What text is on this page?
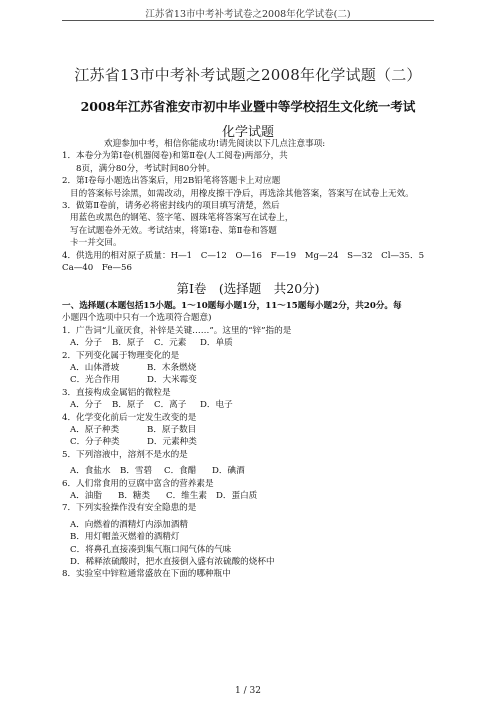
江苏省13市中考补考试卷之2008年化学试卷(二)
江苏省13市中考补考试题之2008年化学试题（二）
2008年江苏省淮安市初中毕业暨中等学校招生文化统一考试
化学试题

欢迎参加中考，相信你能成功!请先阅读以下几点注意事项:

1．本卷分为第Ⅰ卷(机器阅卷)和第Ⅱ卷(人工阅卷)两部分，共

8页，满分80分，考试时间80分钟。

2．第Ⅰ卷每小题选出答案后，用2B铅笔将答题卡上对应题

目的答案标号涂黑，如需改动，用橡皮擦干净后，再选涂其他答案，答案写在试卷上无效。

3．做第Ⅱ卷前，请务必将密封线内的项目填写清楚，然后

用蓝色或黑色的钢笔、签字笔、圆珠笔将答案写在试卷上，

写在试题卷外无效。考试结束，将第Ⅰ卷、第Ⅱ卷和答题

卡一并交回。

4．供选用的相对原子质量：H—1　C—12　O—16　F—19　Mg—24　S—32　Cl—35．5

Ca—40　Fe—56

第Ⅰ卷　(选择题　共20分)

一、选择题(本题包括15小题。1～10题每小题1分，11～15题每小题2分，共20分。每

小题四个选项中只有一个选项符合题意)

1．广告词“儿童厌食，补锌是关键……”。这里的“锌”指的是

A．分子	B．原子	C．元素	D．单质

2．下列变化属于物理变化的是

A．山体滑坡	B．木条燃烧

C．光合作用	D．大米霉变

3．直接构成金属铝的微粒是

A．分子	B．原子	C．离子	D．电子

4．化学变化前后一定发生改变的是

A．原子种类	B．原子数目

C．分子种类	D．元素种类

5．下列溶液中，溶剂不是水的是

A．食盐水	B．雪碧	C．食醋	D．碘酒

6．人们常食用的豆腐中富含的营养素是

A．油脂	B．糖类	C．维生素	D．蛋白质

7．下列实验操作没有安全隐患的是

A．向燃着的酒精灯内添加酒精

B．用灯帽盖灭燃着的酒精灯

C．将鼻孔直接凑到集气瓶口闻气体的气味

D．稀释浓硫酸时，把水直接倒入盛有浓硫酸的烧杯中

8．实验室中锌粒通常盛放在下面的哪种瓶中

1 / 32
